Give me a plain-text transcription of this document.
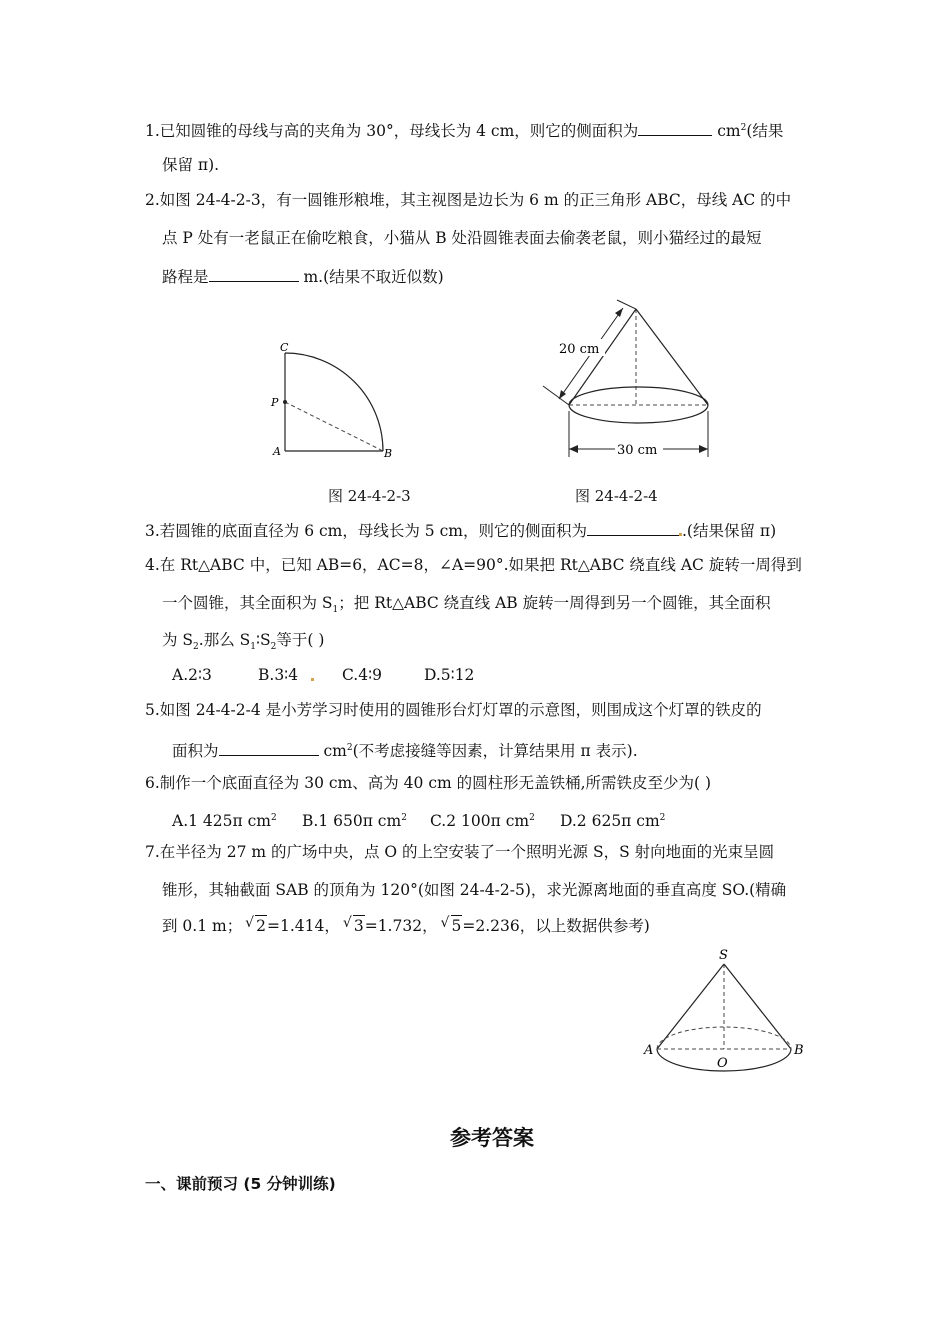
1.已知圆锥的母线与高的夹角为 30°，母线长为 4 cm，则它的侧面积为	$cm^2$(结果
保留 π).
2.如图 24-4-2-3，有一圆锥形粮堆，其主视图是边长为 6 m 的正三角形 ABC，母线 AC 的中
点 P 处有一老鼠正在偷吃粮食，小猫从 B 处沿圆锥表面去偷袭老鼠，则小猫经过的最短
路程是	m.(结果不取近似数)
C
P
A	B
20 cm
30 cm
图 24-4-2-3	图 24-4-2-4
3.若圆锥的底面直径为 6 cm，母线长为 5 cm，则它的侧面积为	.(结果保留 π)
4.在 Rt△ABC 中，已知 AB=6，AC=8，∠A=90°.如果把 Rt△ABC 绕直线 AC 旋转一周得到
一个圆锥，其全面积为 $S_1$；把 Rt△ABC 绕直线 AB 旋转一周得到另一个圆锥，其全面积
为 $S_2$.那么 $S_1∶S_2$等于( )
A.2∶3	B.3∶4	C.4∶9	D.5∶12
5.如图 24-4-2-4 是小芳学习时使用的圆锥形台灯灯罩的示意图，则围成这个灯罩的铁皮的
面积为	$cm^2$(不考虑接缝等因素，计算结果用 π 表示).
6.制作一个底面直径为 30 cm、高为 40 cm 的圆柱形无盖铁桶,所需铁皮至少为( )
A.1 425π $cm^2$ B.1 650π $cm^2$ C.2 100π $cm^2$ D.2 625π $cm^2$
7.在半径为 27 m 的广场中央，点 O 的上空安装了一个照明光源 S，S 射向地面的光束呈圆
锥形，其轴截面 SAB 的顶角为 120°(如图 24-4-2-5)，求光源离地面的垂直高度 SO.(精确
到 0.1 m； √ 2=1.414， √ 3=1.732， √ 5=2.236，以上数据供参考)
S
A
O
B
参考答案
一、课前预习 (5 分钟训练)
